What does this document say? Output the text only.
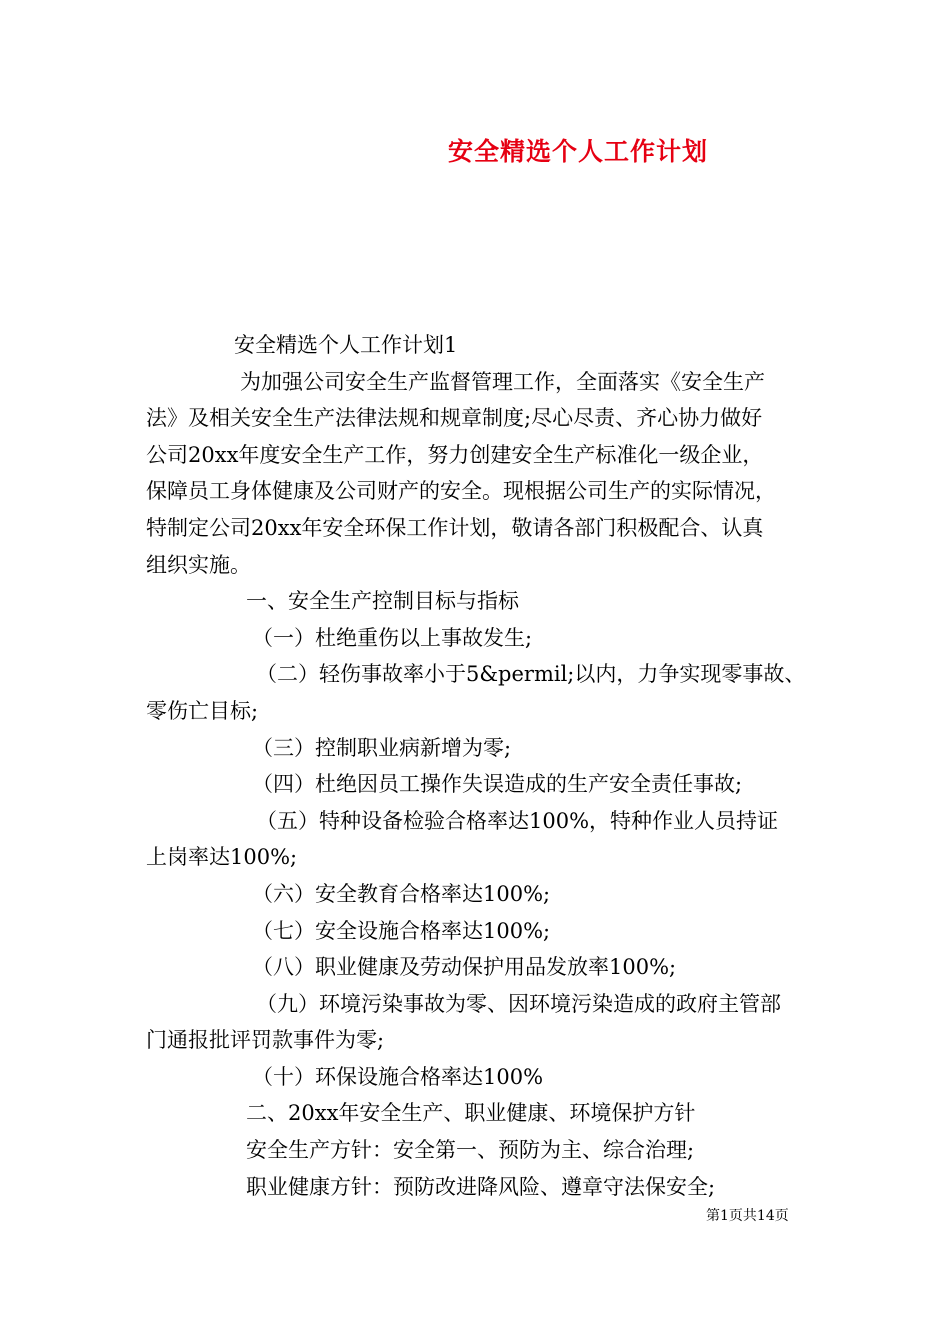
安全精选个人工作计划

安全精选个人工作计划1

为加强公司安全生产监督管理工作，全面落实《安全生产

法》及相关安全生产法律法规和规章制度;尽心尽责、齐心协力做好

公司20xx年度安全生产工作，努力创建安全生产标准化一级企业，

保障员工身体健康及公司财产的安全。现根据公司生产的实际情况，

特制定公司20xx年安全环保工作计划，敬请各部门积极配合、认真

组织实施。

一、安全生产控制目标与指标

（一）杜绝重伤以上事故发生;

（二）轻伤事故率小于5&permil;以内，力争实现零事故、

零伤亡目标;

（三）控制职业病新增为零;

（四）杜绝因员工操作失误造成的生产安全责任事故;

（五）特种设备检验合格率达100%，特种作业人员持证

上岗率达100%;

（六）安全教育合格率达100%;

（七）安全设施合格率达100%;

（八）职业健康及劳动保护用品发放率100%;

（九）环境污染事故为零、因环境污染造成的政府主管部

门通报批评罚款事件为零;

（十）环保设施合格率达100%

二、20xx年安全生产、职业健康、环境保护方针

安全生产方针：安全第一、预防为主、综合治理;

职业健康方针：预防改进降风险、遵章守法保安全;

第1页共14页
